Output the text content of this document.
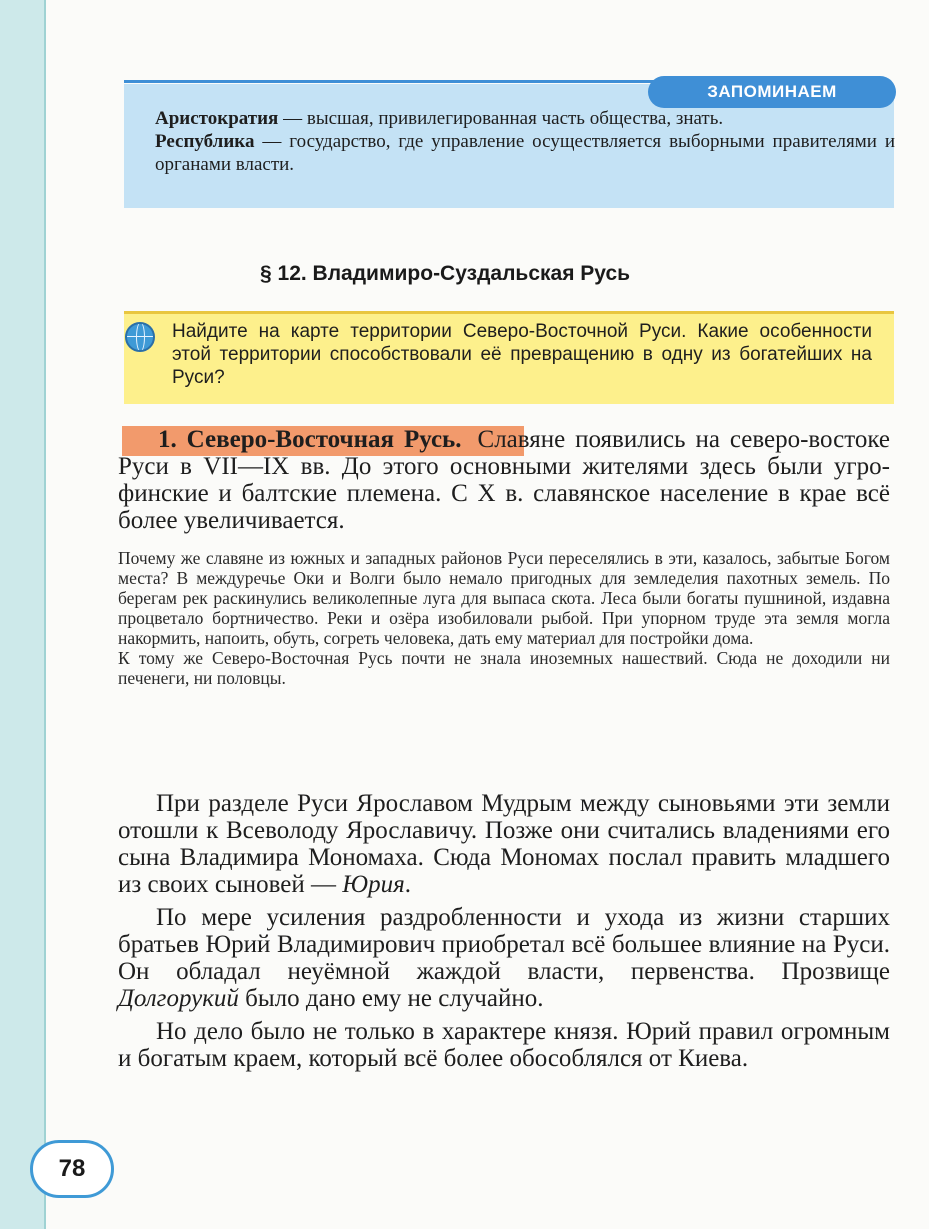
ЗАПОМИНАЕМ

Аристократия — высшая, привилегированная часть общества, знать.

Республика — государство, где управление осуществляется выборными правителями и органами власти.

§ 12. Владимиро-Суздальская Русь
Найдите на карте территории Северо-Восточной Руси. Какие особенности этой территории способствовали её превращению в одну из богатейших на Руси?
1. Северо-Восточная Русь. Славяне появились на северо-востоке Руси в VII—IX вв. До этого основными жителями здесь были угро-финские и балтские племена. С X в. славянское население в крае всё более увеличивается.

Почему же славяне из южных и западных районов Руси переселялись в эти, казалось, забытые Богом места? В междуречье Оки и Волги было немало пригодных для земледелия пахотных земель. По берегам рек раскинулись великолепные луга для выпаса скота. Леса были богаты пушниной, издавна процветало бортничество. Реки и озёра изобиловали рыбой. При упорном труде эта земля могла накормить, напоить, обуть, согреть человека, дать ему материал для постройки дома.

К тому же Северо-Восточная Русь почти не знала иноземных нашествий. Сюда не доходили ни печенеги, ни половцы.

При разделе Руси Ярославом Мудрым между сыновьями эти земли отошли к Всеволоду Ярославичу. Позже они считались владениями его сына Владимира Мономаха. Сюда Мономах послал править младшего из своих сыновей — Юрия.

По мере усиления раздробленности и ухода из жизни старших братьев Юрий Владимирович приобретал всё большее влияние на Руси. Он обладал неуёмной жаждой власти, первенства. Прозвище Долгорукий было дано ему не случайно.

Но дело было не только в характере князя. Юрий правил огромным и богатым краем, который всё более обособлялся от Киева.

78
